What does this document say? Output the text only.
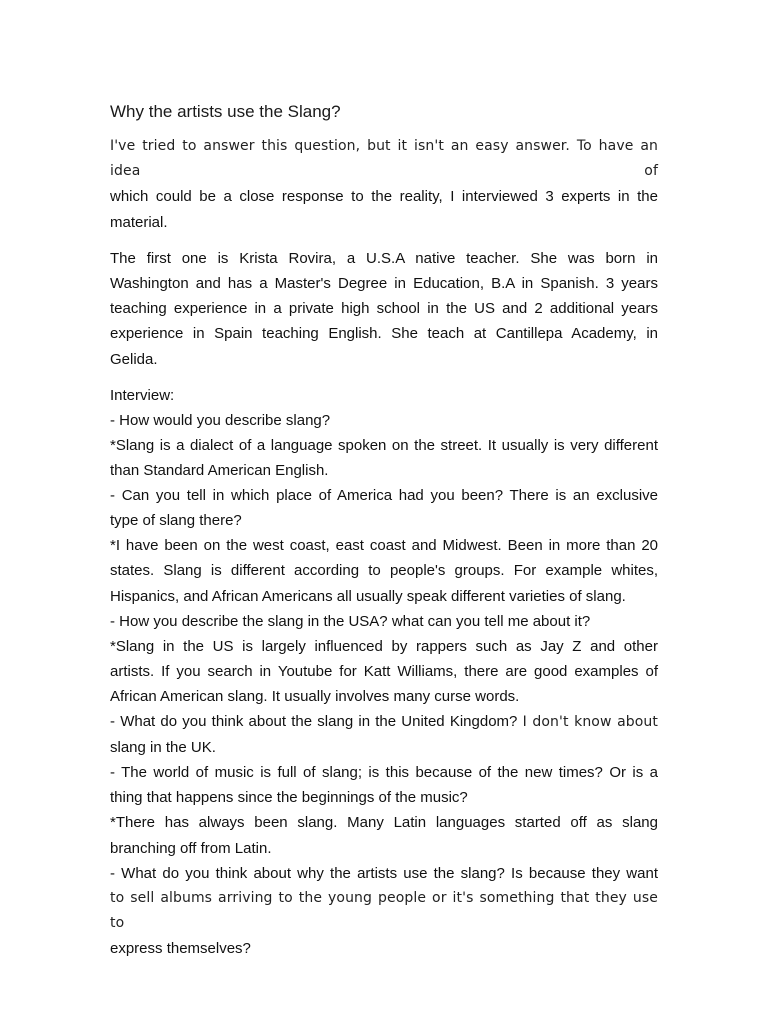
Why the artists use the Slang?
I've tried to answer this question, but it isn't an easy answer. To have an idea of
which could be a close response to the reality, I interviewed 3 experts in the
material.
The first one is Krista Rovira, a U.S.A native teacher. She was born in
Washington and has a Master's Degree in Education, B.A in Spanish. 3 years
teaching experience in a private high school in the US and 2 additional years
experience in Spain teaching English. She teach at Cantillepa Academy, in
Gelida.
Interview:
- How would you describe slang?
*Slang is a dialect of a language spoken on the street. It usually is very different
than Standard American English.
- Can you tell in which place of America had you been? There is an exclusive
type of slang there?
*I have been on the west coast, east coast and Midwest. Been in more than 20
states. Slang is different according to people's groups. For example whites,
Hispanics, and African Americans all usually speak different varieties of slang.
- How you describe the slang in the USA? what can you tell me about it?
*Slang in the US is largely influenced by rappers such as Jay Z and other
artists. If you search in Youtube for Katt Williams, there are good examples of
African American slang. It usually involves many curse words.
- What do you think about the slang in the United Kingdom? I don't know about
slang in the UK.
- The world of music is full of slang; is this because of the new times? Or is a
thing that happens since the beginnings of the music?
*There has always been slang. Many Latin languages started off as slang
branching off from Latin.
- What do you think about why the artists use the slang? Is because they want
to sell albums arriving to the young people or it's something that they use to
express themselves?
